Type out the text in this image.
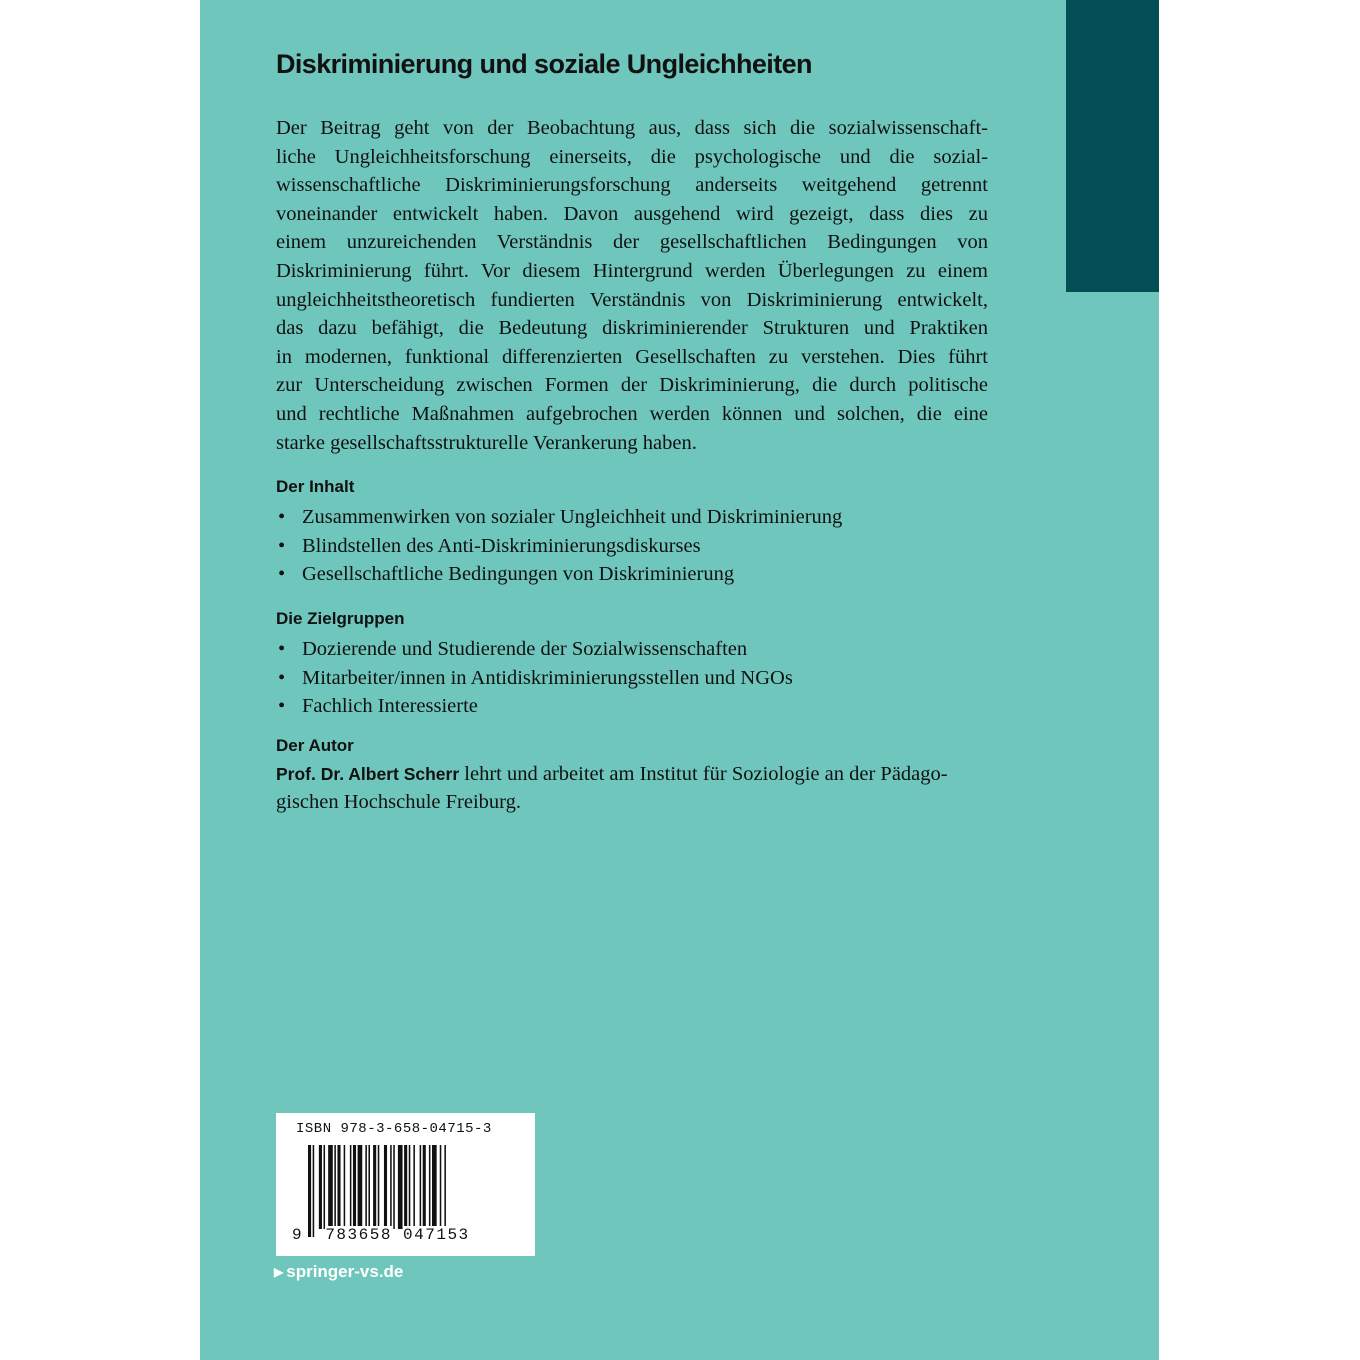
Diskriminierung und soziale Ungleichheiten
Der Beitrag geht von der Beobachtung aus, dass sich die sozialwissenschaft-
liche Ungleichheitsforschung einerseits, die psychologische und die sozial-
wissenschaftliche Diskriminierungsforschung anderseits weitgehend getrennt
voneinander entwickelt haben. Davon ausgehend wird gezeigt, dass dies zu
einem unzureichenden Verständnis der gesellschaftlichen Bedingungen von
Diskriminierung führt. Vor diesem Hintergrund werden Überlegungen zu einem
ungleichheitstheoretisch fundierten Verständnis von Diskriminierung entwickelt,
das dazu befähigt, die Bedeutung diskriminierender Strukturen und Praktiken
in modernen, funktional differenzierten Gesellschaften zu verstehen. Dies führt
zur Unterscheidung zwischen Formen der Diskriminierung, die durch politische
und rechtliche Maßnahmen aufgebrochen werden können und solchen, die eine
starke gesellschaftsstrukturelle Verankerung haben.
Der Inhalt
• Zusammenwirken von sozialer Ungleichheit und Diskriminierung
• Blindstellen des Anti-Diskriminierungsdiskurses
• Gesellschaftliche Bedingungen von Diskriminierung
Die Zielgruppen
• Dozierende und Studierende der Sozialwissenschaften
• Mitarbeiter/innen in Antidiskriminierungsstellen und NGOs
• Fachlich Interessierte
Der Autor
Prof. Dr. Albert Scherr lehrt und arbeitet am Institut für Soziologie an der Pädago-
gischen Hochschule Freiburg.
ISBN 978-3-658-04715-3
9 783658 047153
▶ springer-vs.de
